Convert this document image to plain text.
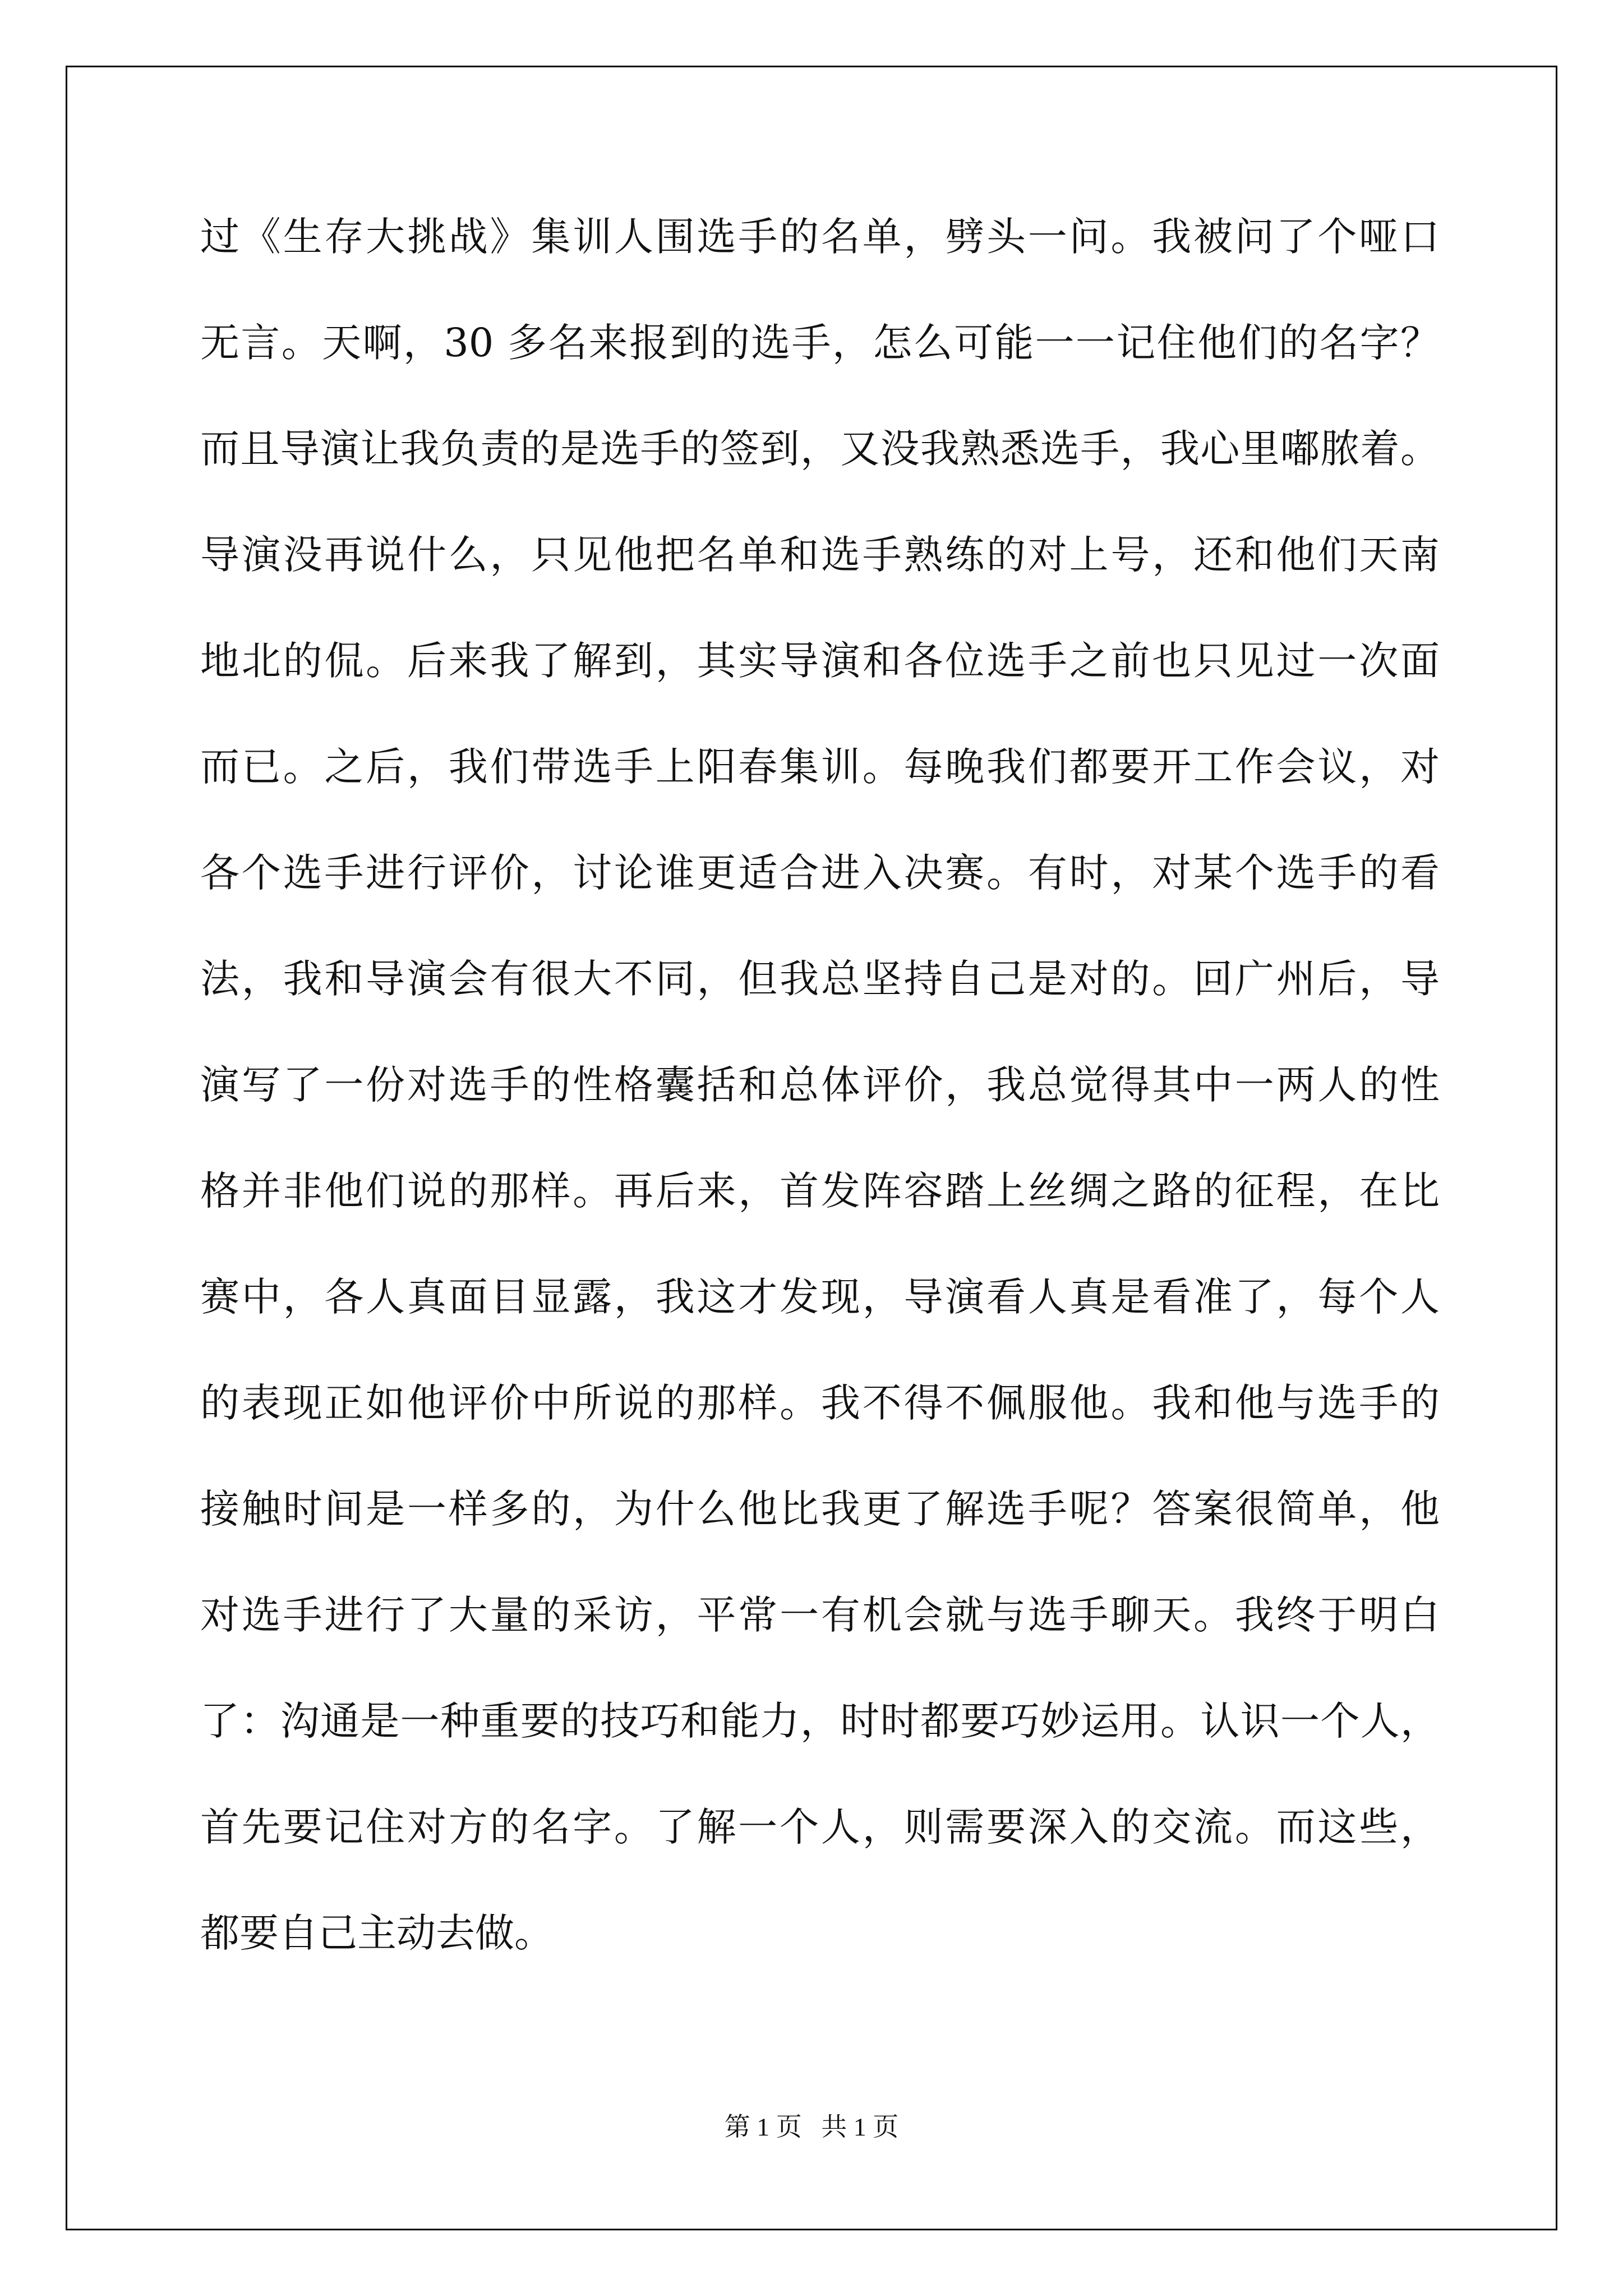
过《生存大挑战》集训人围选手的名单，劈头一问。我被问了个哑口
无言。天啊，30 多名来报到的选手，怎么可能一一记住他们的名字？
而且导演让我负责的是选手的签到，又没我熟悉选手，我心里嘟脓着。
导演没再说什么，只见他把名单和选手熟练的对上号，还和他们天南
地北的侃。后来我了解到，其实导演和各位选手之前也只见过一次面
而已。之后，我们带选手上阳春集训。每晚我们都要开工作会议，对
各个选手进行评价，讨论谁更适合进入决赛。有时，对某个选手的看
法，我和导演会有很大不同，但我总坚持自己是对的。回广州后，导
演写了一份对选手的性格囊括和总体评价，我总觉得其中一两人的性
格并非他们说的那样。再后来，首发阵容踏上丝绸之路的征程，在比
赛中，各人真面目显露，我这才发现，导演看人真是看准了，每个人
的表现正如他评价中所说的那样。我不得不佩服他。我和他与选手的
接触时间是一样多的，为什么他比我更了解选手呢？答案很简单，他
对选手进行了大量的采访，平常一有机会就与选手聊天。我终于明白
了：沟通是一种重要的技巧和能力，时时都要巧妙运用。认识一个人，
首先要记住对方的名字。了解一个人，则需要深入的交流。而这些，
都要自己主动去做。
第 1 页   共 1 页
